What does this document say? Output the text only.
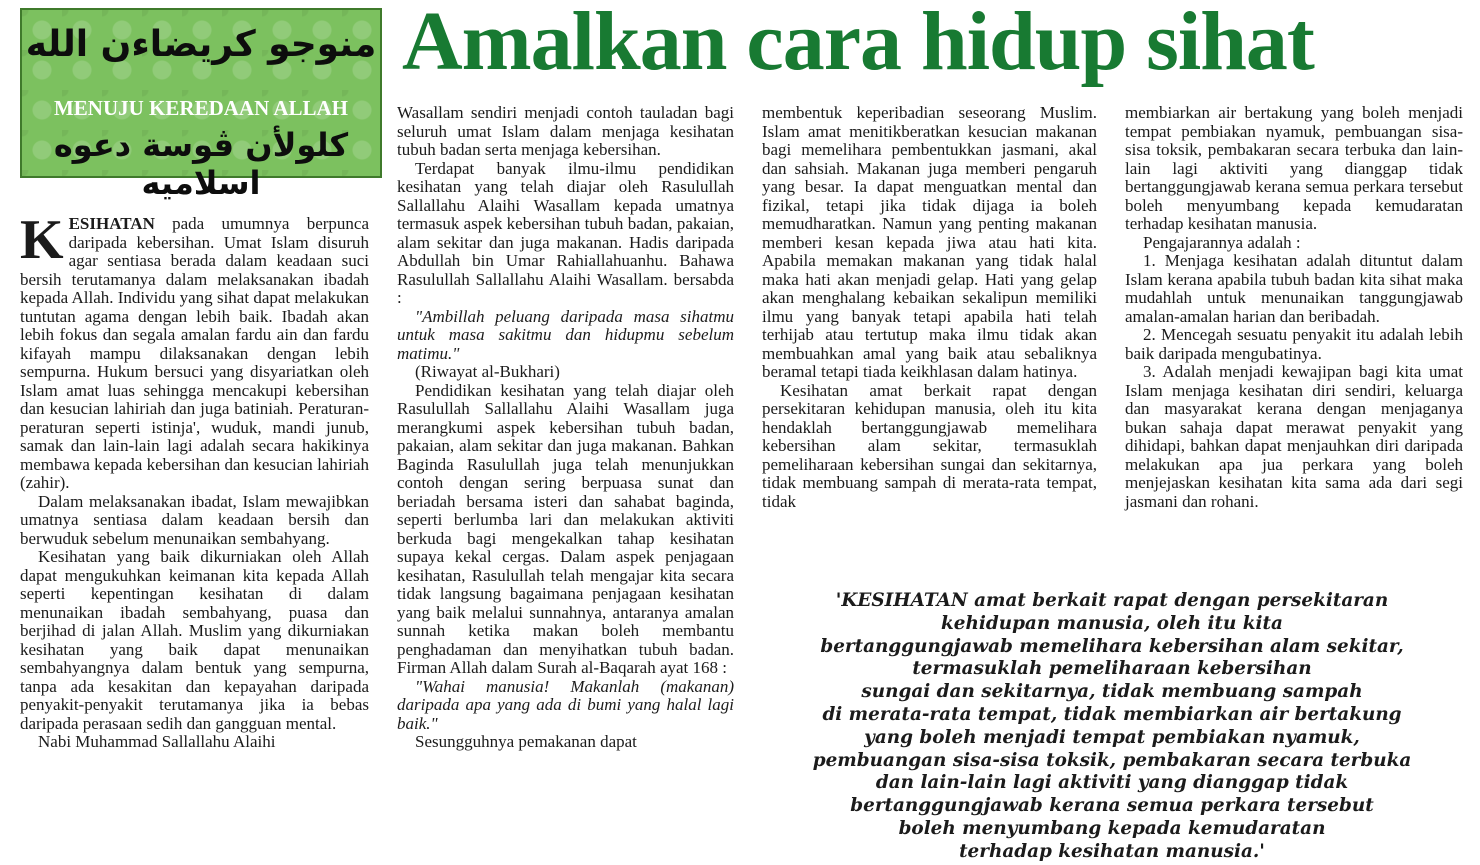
منوجو كريضاءن الله
MENUJU KEREDAAN ALLAH
كلولأن ڤوسة دعوه اسلاميه
Amalkan cara hidup sihat

KESIHATAN pada umumnya berpunca daripada kebersihan. Umat Islam disuruh agar sentiasa berada dalam keadaan suci bersih terutamanya dalam melaksanakan ibadah kepada Allah. Individu yang sihat dapat melakukan tuntutan agama dengan lebih baik. Ibadah akan lebih fokus dan segala amalan fardu ain dan fardu kifayah mampu dilaksanakan dengan lebih sempurna. Hukum bersuci yang disyariatkan oleh Islam amat luas sehingga mencakupi kebersihan dan kesucian lahiriah dan juga batiniah. Peraturan-peraturan seperti istinja', wuduk, mandi junub, samak dan lain-lain lagi adalah secara hakikinya membawa kepada kebersihan dan kesucian lahiriah (zahir).

Dalam melaksanakan ibadat, Islam mewajibkan umatnya sentiasa dalam keadaan bersih dan berwuduk sebelum menunaikan sembahyang.

Kesihatan yang baik dikurniakan oleh Allah dapat mengukuhkan keimanan kita kepada Allah seperti kepentingan kesihatan di dalam menunaikan ibadah sembahyang, puasa dan berjihad di jalan Allah. Muslim yang dikurniakan kesihatan yang baik dapat menunaikan sembahyangnya dalam bentuk yang sempurna, tanpa ada kesakitan dan kepayahan daripada penyakit-penyakit terutamanya jika ia bebas daripada perasaan sedih dan gangguan mental.

Nabi Muhammad Sallallahu Alaihi

Wasallam sendiri menjadi contoh tauladan bagi seluruh umat Islam dalam menjaga kesihatan tubuh badan serta menjaga kebersihan.

Terdapat banyak ilmu-ilmu pendidikan kesihatan yang telah diajar oleh Rasulullah Sallallahu Alaihi Wasallam kepada umatnya termasuk aspek kebersihan tubuh badan, pakaian, alam sekitar dan juga makanan. Hadis daripada Abdullah bin Umar Rahiallahuanhu. Bahawa Rasulullah Sallallahu Alaihi Wasallam. bersabda :

"Ambillah peluang daripada masa sihatmu untuk masa sakitmu dan hidupmu sebelum matimu."

(Riwayat al-Bukhari)

Pendidikan kesihatan yang telah diajar oleh Rasulullah Sallallahu Alaihi Wasallam juga merangkumi aspek kebersihan tubuh badan, pakaian, alam sekitar dan juga makanan. Bahkan Baginda Rasulullah juga telah menunjukkan contoh dengan sering berpuasa sunat dan beriadah bersama isteri dan sahabat baginda, seperti berlumba lari dan melakukan aktiviti berkuda bagi mengekalkan tahap kesihatan supaya kekal cergas. Dalam aspek penjagaan kesihatan, Rasulullah telah mengajar kita secara tidak langsung bagaimana penjagaan kesihatan yang baik melalui sunnahnya, antaranya amalan sunnah ketika makan boleh membantu penghadaman dan menyihatkan tubuh badan. Firman Allah dalam Surah al-Baqarah ayat 168 :

"Wahai manusia! Makanlah (makanan) daripada apa yang ada di bumi yang halal lagi baik."

Sesungguhnya pemakanan dapat

membentuk keperibadian seseorang Muslim. Islam amat menitikberatkan kesucian makanan bagi memelihara pembentukkan jasmani, akal dan sahsiah. Makanan juga memberi pengaruh yang besar. Ia dapat menguatkan mental dan fizikal, tetapi jika tidak dijaga ia boleh memudharatkan. Namun yang penting makanan memberi kesan kepada jiwa atau hati kita. Apabila memakan makanan yang tidak halal maka hati akan menjadi gelap. Hati yang gelap akan menghalang kebaikan sekalipun memiliki ilmu yang banyak tetapi apabila hati telah terhijab atau tertutup maka ilmu tidak akan membuahkan amal yang baik atau sebaliknya beramal tetapi tiada keikhlasan dalam hatinya.

Kesihatan amat berkait rapat dengan persekitaran kehidupan manusia, oleh itu kita hendaklah bertanggungjawab memelihara kebersihan alam sekitar, termasuklah pemeliharaan kebersihan sungai dan sekitarnya, tidak membuang sampah di merata-rata tempat, tidak

membiarkan air bertakung yang boleh menjadi tempat pembiakan nyamuk, pembuangan sisa-sisa toksik, pembakaran secara terbuka dan lain-lain lagi aktiviti yang dianggap tidak bertanggungjawab kerana semua perkara tersebut boleh menyumbang kepada kemudaratan terhadap kesihatan manusia.

Pengajarannya adalah :

1. Menjaga kesihatan adalah dituntut dalam Islam kerana apabila tubuh badan kita sihat maka mudahlah untuk menunaikan tanggungjawab amalan-amalan harian dan beribadah.

2. Mencegah sesuatu penyakit itu adalah lebih baik daripada mengubatinya.

3. Adalah menjadi kewajipan bagi kita umat Islam menjaga kesihatan diri sendiri, keluarga dan masyarakat kerana dengan menjaganya bukan sahaja dapat merawat penyakit yang dihidapi, bahkan dapat menjauhkan diri daripada melakukan apa jua perkara yang boleh menjejaskan kesihatan kita sama ada dari segi jasmani dan rohani.

'KESIHATAN amat berkait rapat dengan persekitaran
kehidupan manusia, oleh itu kita
bertanggungjawab memelihara kebersihan alam sekitar,
termasuklah pemeliharaan kebersihan
sungai dan sekitarnya, tidak membuang sampah
di merata-rata tempat, tidak membiarkan air bertakung
yang boleh menjadi tempat pembiakan nyamuk,
pembuangan sisa-sisa toksik, pembakaran secara terbuka
dan lain-lain lagi aktiviti yang dianggap tidak
bertanggungjawab kerana semua perkara tersebut
boleh menyumbang kepada kemudaratan
terhadap kesihatan manusia.'
